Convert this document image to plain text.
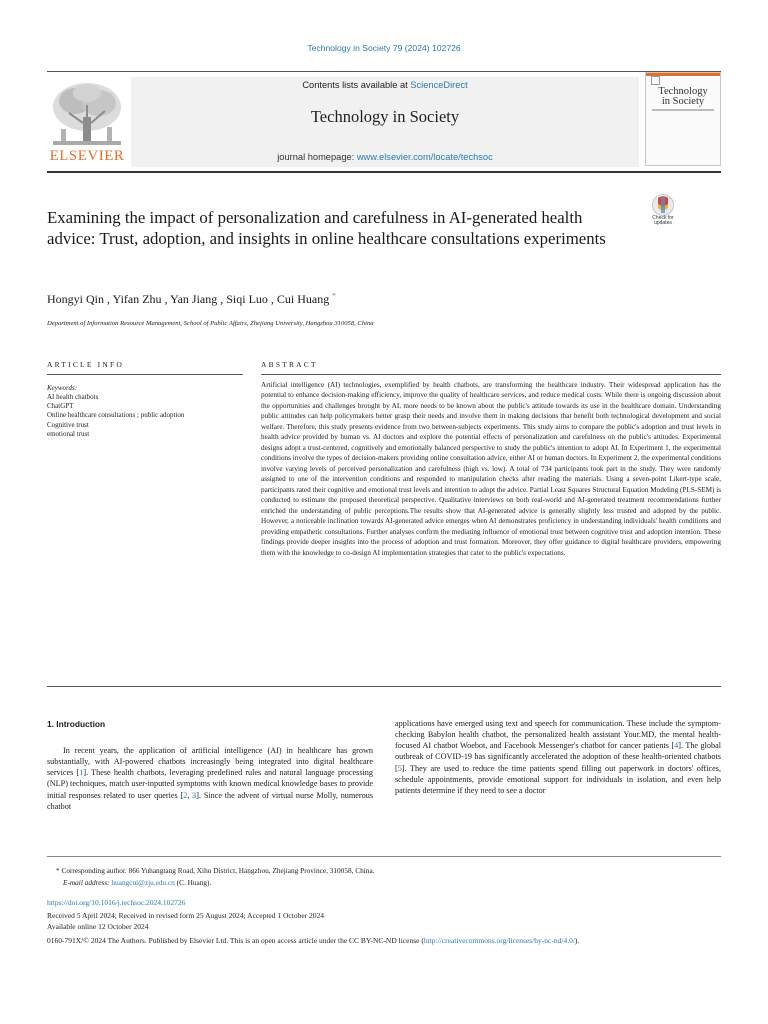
Technology in Society 79 (2024) 102726
ELSEVIER
Contents lists available at ScienceDirect
Technology in Society
journal homepage: www.elsevier.com/locate/techsoc
Technology
in Society
Examining the impact of personalization and carefulness in AI-generated health advice: Trust, adoption, and insights in online healthcare consultations experiments
Check for
updates
Hongyi Qin , Yifan Zhu , Yan Jiang , Siqi Luo , Cui Huang *
Department of Information Resource Management, School of Public Affairs, Zhejiang University, Hangzhou 310058, China
ARTICLE INFO	ABSTRACT
Keywords:
AI health chatbots
ChatGPT
Online healthcare consultations ; public adoption
Cognitive trust
emotional trust

Artificial intelligence (AI) technologies, exemplified by health chatbots, are transforming the healthcare industry. Their widespread application has the potential to enhance decision-making efficiency, improve the quality of healthcare services, and reduce medical costs. While there is ongoing discussion about the opportunities and challenges brought by AI, more needs to be known about the public's attitude towards its use in the healthcare domain. Understanding public attitudes can help policymakers better grasp their needs and involve them in making decisions that benefit both technological development and social welfare. Therefore, this study presents evidence from two between-subjects experiments. This study aims to compare the public's adoption and trust levels in health advice provided by human vs. AI doctors and explore the potential effects of personalization and carefulness on the public's attitudes. Experimental designs adopt a trust-centered, cognitively and emotionally balanced perspective to study the public's intention to adopt AI. In Experiment 1, the experimental conditions involve the types of decision-makers providing online consultation advice, either AI or human doctors. In Experiment 2, the experimental conditions involve varying levels of perceived personalization and carefulness (high vs. low). A total of 734 participants took part in the study. They were randomly assigned to one of the intervention conditions and responded to manipulation checks after reading the materials. Using a seven-point Likert-type scale, participants rated their cognitive and emotional trust levels and intention to adopt the advice. Partial Least Squares Structural Equation Modeling (PLS-SEM) is conducted to estimate the proposed theoretical perspective. Qualitative interviews on both real-world and AI-generated treatment recommendations further enriched the understanding of public perceptions.The results show that AI-generated advice is generally slightly less trusted and adopted by the public. However, a noticeable inclination towards AI-generated advice emerges when AI demonstrates proficiency in understanding individuals' health conditions and providing empathetic consultations. Further analyses confirm the mediating influence of emotional trust between cognitive trust and adoption intention. These findings provide deeper insights into the process of adoption and trust formation. Moreover, they offer guidance to digital healthcare providers, empowering them with the knowledge to co-design AI implementation strategies that cater to the public's expectations.

1. Introduction

In recent years, the application of artificial intelligence (AI) in healthcare has grown substantially, with AI-powered chatbots increasingly being integrated into digital healthcare services [1]. These health chatbots, leveraging predefined rules and natural language processing (NLP) techniques, match user-inputted symptoms with known medical knowledge bases to provide initial responses related to user queries [2, 3]. Since the advent of virtual nurse Molly, numerous chatbot

applications have emerged using text and speech for communication. These include the symptom-checking Babylon health chatbot, the personalized health assistant Your.MD, the mental health-focused AI chatbot Woebot, and Facebook Messenger's chatbot for cancer patients [4]. The global outbreak of COVID-19 has significantly accelerated the adoption of these health-oriented chatbots [5]. They are used to reduce the time patients spend filling out paperwork in doctors' offices, schedule appointments, provide emotional support for individuals in isolation, and even help patients determine if they need to see a doctor

* Corresponding author. 866 Yuhangtang Road, Xihu District, Hangzhou, Zhejiang Province, 310058, China.
E-mail address: huangcui@zju.edu.cn (C. Huang).
https://doi.org/10.1016/j.techsoc.2024.102726
Received 5 April 2024; Received in revised form 25 August 2024; Accepted 1 October 2024
Available online 12 October 2024
0160-791X/© 2024 The Authors. Published by Elsevier Ltd. This is an open access article under the CC BY-NC-ND license (http://creativecommons.org/licenses/by-nc-nd/4.0/).
